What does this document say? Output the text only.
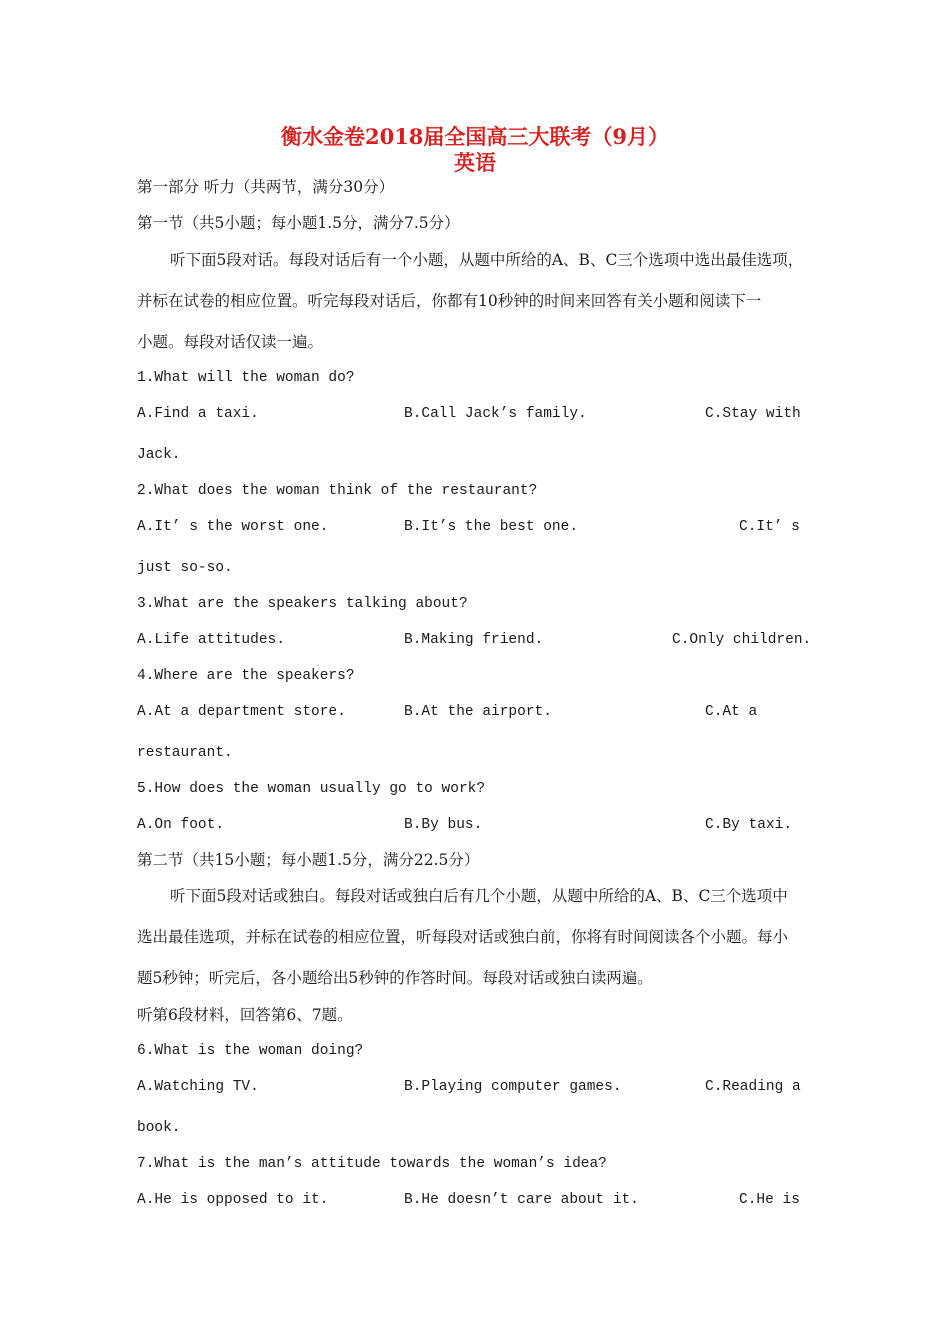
衡水金卷2018届全国高三大联考（9月）
英语
第一部分 听力（共两节，满分30分）
第一节（共5小题；每小题1.5分，满分7.5分）
听下面5段对话。每段对话后有一个小题，从题中所给的A、B、C三个选项中选出最佳选项，
并标在试卷的相应位置。听完每段对话后，你都有10秒钟的时间来回答有关小题和阅读下一
小题。每段对话仅读一遍。
1.What will the woman do?
A.Find a taxi.	B.Call Jack’s family.	C.Stay with
Jack.
2.What does the woman think of the restaurant?
A.It’ s the worst one.	B.It’s the best one.	C.It’ s
just so-so.
3.What are the speakers talking about?
A.Life attitudes.	B.Making friend.	C.Only children.
4.Where are the speakers?
A.At a department store.	B.At the airport.	C.At a
restaurant.
5.How does the woman usually go to work?
A.On foot.	B.By bus.	C.By taxi.
第二节（共15小题；每小题1.5分，满分22.5分）
听下面5段对话或独白。每段对话或独白后有几个小题，从题中所给的A、B、C三个选项中
选出最佳选项，并标在试卷的相应位置，听每段对话或独白前，你将有时间阅读各个小题。每小
题5秒钟；听完后，各小题给出5秒钟的作答时间。每段对话或独白读两遍。
听第6段材料，回答第6、7题。
6.What is the woman doing?
A.Watching TV.	B.Playing computer games.	C.Reading a
book.
7.What is the man’s attitude towards the woman’s idea?
A.He is opposed to it.	B.He doesn’t care about it.	C.He is
